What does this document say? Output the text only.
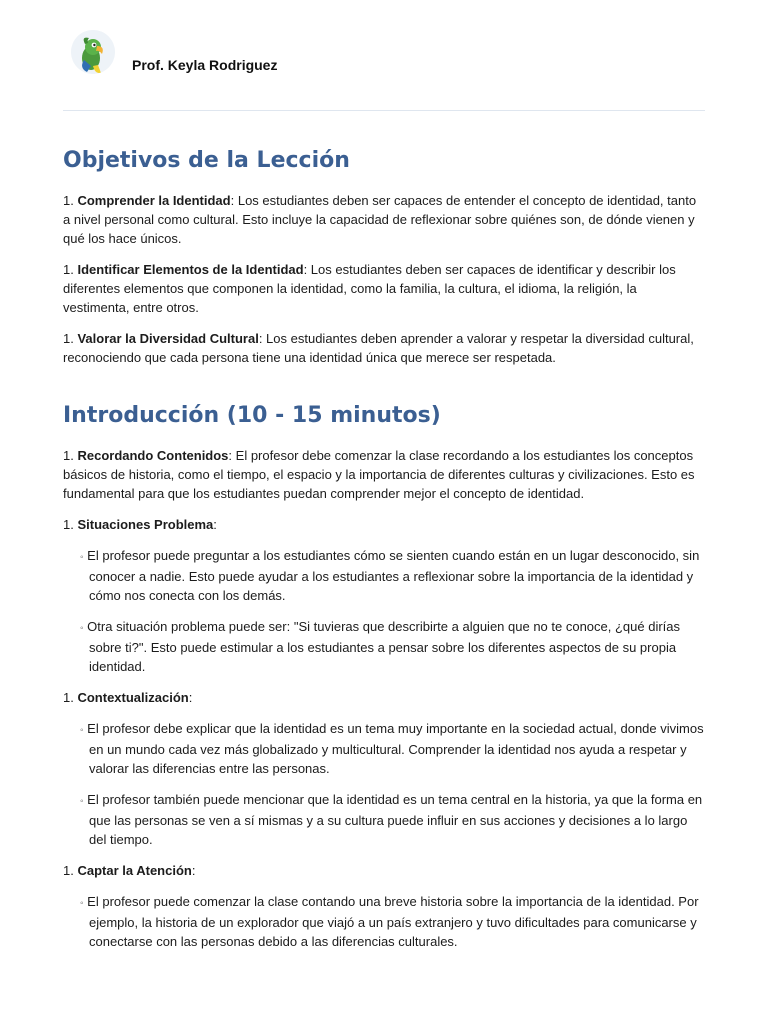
Prof. Keyla Rodriguez
Objetivos de la Lección

1. Comprender la Identidad: Los estudiantes deben ser capaces de entender el concepto de identidad, tanto a nivel personal como cultural. Esto incluye la capacidad de reflexionar sobre quiénes son, de dónde vienen y qué los hace únicos.

1. Identificar Elementos de la Identidad: Los estudiantes deben ser capaces de identificar y describir los diferentes elementos que componen la identidad, como la familia, la cultura, el idioma, la religión, la vestimenta, entre otros.

1. Valorar la Diversidad Cultural: Los estudiantes deben aprender a valorar y respetar la diversidad cultural, reconociendo que cada persona tiene una identidad única que merece ser respetada.

Introducción (10 - 15 minutos)

1. Recordando Contenidos: El profesor debe comenzar la clase recordando a los estudiantes los conceptos básicos de historia, como el tiempo, el espacio y la importancia de diferentes culturas y civilizaciones. Esto es fundamental para que los estudiantes puedan comprender mejor el concepto de identidad.

1. Situaciones Problema:

◦ El profesor puede preguntar a los estudiantes cómo se sienten cuando están en un lugar desconocido, sin conocer a nadie. Esto puede ayudar a los estudiantes a reflexionar sobre la importancia de la identidad y cómo nos conecta con los demás.
◦ Otra situación problema puede ser: "Si tuvieras que describirte a alguien que no te conoce, ¿qué dirías sobre ti?". Esto puede estimular a los estudiantes a pensar sobre los diferentes aspectos de su propia identidad.

1. Contextualización:

◦ El profesor debe explicar que la identidad es un tema muy importante en la sociedad actual, donde vivimos en un mundo cada vez más globalizado y multicultural. Comprender la identidad nos ayuda a respetar y valorar las diferencias entre las personas.
◦ El profesor también puede mencionar que la identidad es un tema central en la historia, ya que la forma en que las personas se ven a sí mismas y a su cultura puede influir en sus acciones y decisiones a lo largo del tiempo.

1. Captar la Atención:

◦ El profesor puede comenzar la clase contando una breve historia sobre la importancia de la identidad. Por ejemplo, la historia de un explorador que viajó a un país extranjero y tuvo dificultades para comunicarse y conectarse con las personas debido a las diferencias culturales.
